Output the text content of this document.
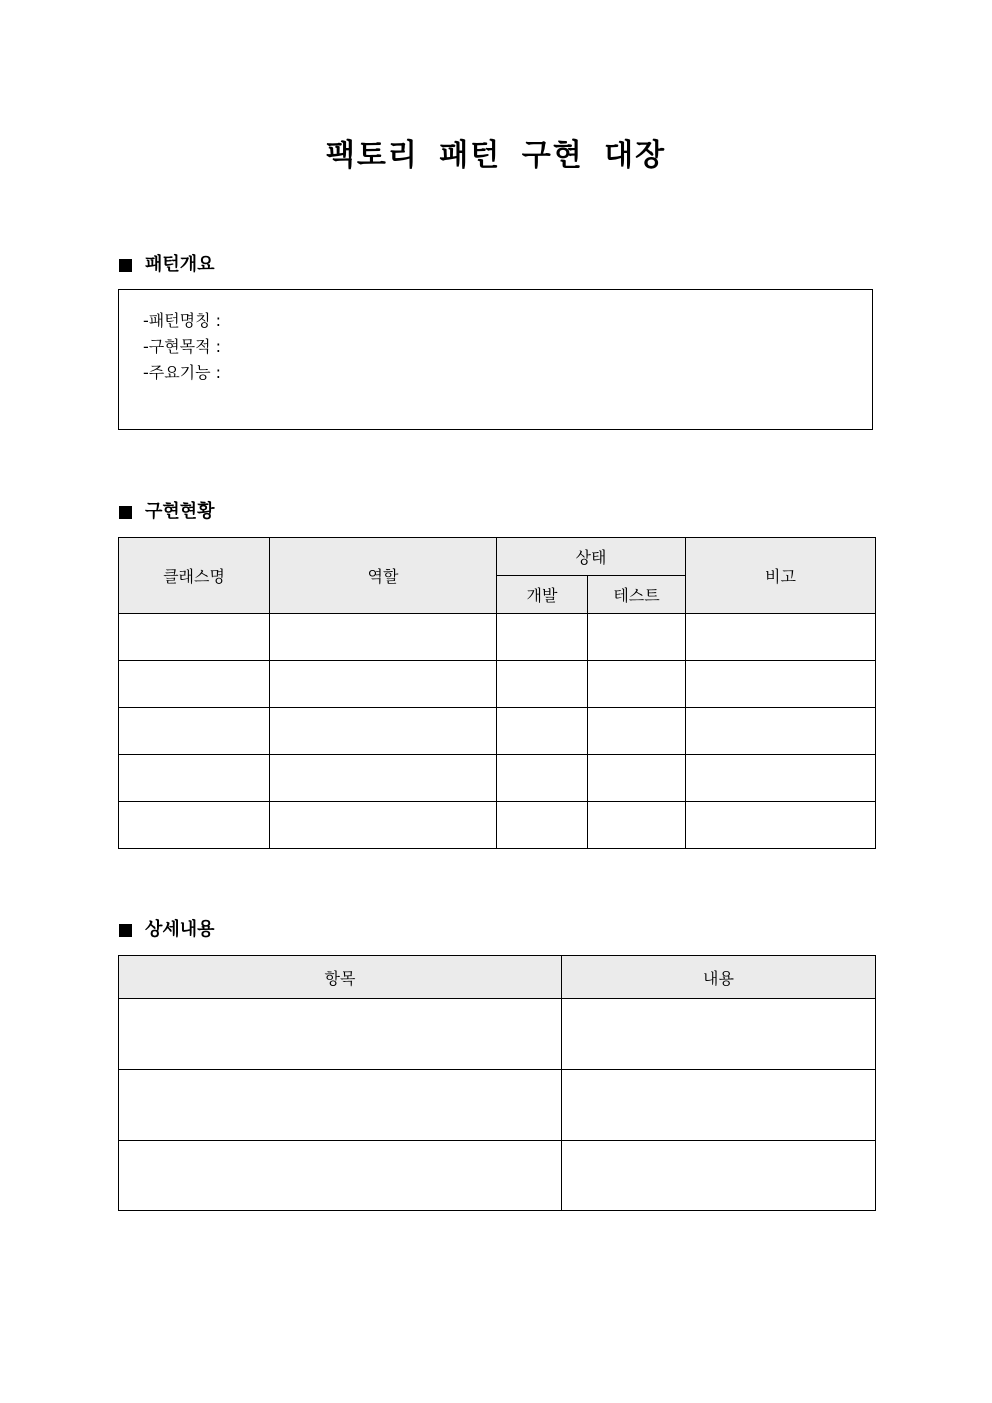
팩토리 패턴 구현 대장
패턴개요
-패턴명칭 :
-구현목적 :
-주요기능 :
구현현황
클래스명	역할	상태		비고
		개발	테스트	

상세내용
항목	내용
